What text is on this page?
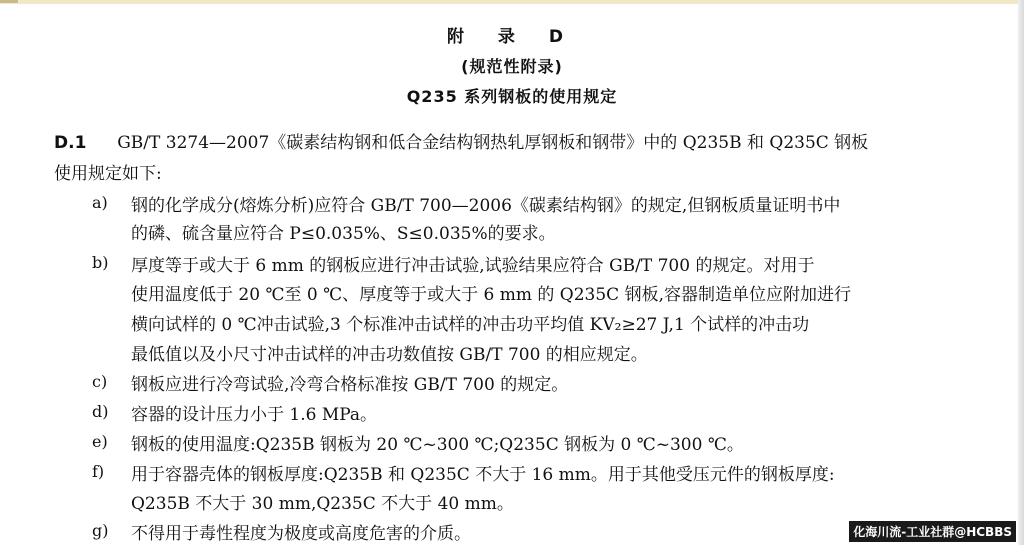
附 录 D
(规范性附录)
Q235 系列钢板的使用规定
D.1 GB/T 3274—2007《碳素结构钢和低合金结构钢热轧厚钢板和钢带》中的 Q235B 和 Q235C 钢板
使用规定如下:
a) 钢的化学成分(熔炼分析)应符合 GB/T 700—2006《碳素结构钢》的规定,但钢板质量证明书中
的磷、硫含量应符合 P≤0.035%、S≤0.035%的要求。
b) 厚度等于或大于 6 mm 的钢板应进行冲击试验,试验结果应符合 GB/T 700 的规定。对用于
使用温度低于 20 ℃至 0 ℃、厚度等于或大于 6 mm 的 Q235C 钢板,容器制造单位应附加进行
横向试样的 0 ℃冲击试验,3 个标准冲击试样的冲击功平均值 KV₂≥27 J,1 个试样的冲击功
最低值以及小尺寸冲击试样的冲击功数值按 GB/T 700 的相应规定。
c) 钢板应进行冷弯试验,冷弯合格标准按 GB/T 700 的规定。
d) 容器的设计压力小于 1.6 MPa。
e) 钢板的使用温度:Q235B 钢板为 20 ℃~300 ℃;Q235C 钢板为 0 ℃~300 ℃。
f) 用于容器壳体的钢板厚度:Q235B 和 Q235C 不大于 16 mm。用于其他受压元件的钢板厚度:
Q235B 不大于 30 mm,Q235C 不大于 40 mm。
g) 不得用于毒性程度为极度或高度危害的介质。	化海川流-工业社群@HCBBS
